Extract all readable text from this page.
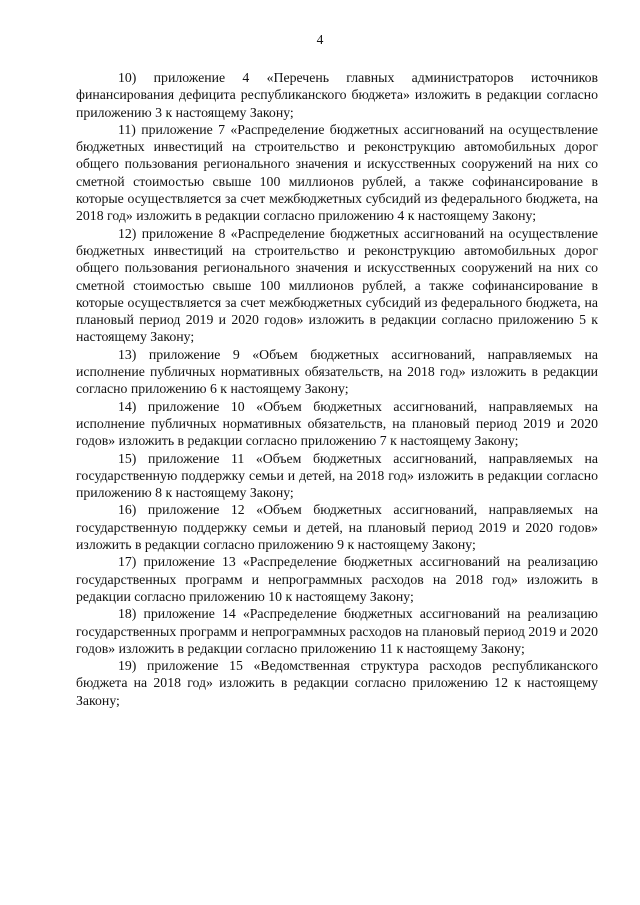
4

10) приложение 4 «Перечень главных администраторов источников финансирования дефицита республиканского бюджета» изложить в редакции согласно приложению 3 к настоящему Закону;

11) приложение 7 «Распределение бюджетных ассигнований на осуществление бюджетных инвестиций на строительство и реконструкцию автомобильных дорог общего пользования регионального значения и искусственных сооружений на них со сметной стоимостью свыше 100 миллионов рублей, а также софинансирование в которые осуществляется за счет межбюджетных субсидий из федерального бюджета, на 2018 год» изложить в редакции согласно приложению 4 к настоящему Закону;

12) приложение 8 «Распределение бюджетных ассигнований на осуществление бюджетных инвестиций на строительство и реконструкцию автомобильных дорог общего пользования регионального значения и искусственных сооружений на них со сметной стоимостью свыше 100 миллионов рублей, а также софинансирование в которые осуществляется за счет межбюджетных субсидий из федерального бюджета, на плановый период 2019 и 2020 годов» изложить в редакции согласно приложению 5 к настоящему Закону;

13) приложение 9 «Объем бюджетных ассигнований, направляемых на исполнение публичных нормативных обязательств, на 2018 год» изложить в редакции согласно приложению 6 к настоящему Закону;

14) приложение 10 «Объем бюджетных ассигнований, направляемых на исполнение публичных нормативных обязательств, на плановый период 2019 и 2020 годов» изложить в редакции согласно приложению 7 к настоящему Закону;

15) приложение 11 «Объем бюджетных ассигнований, направляемых на государственную поддержку семьи и детей, на 2018 год» изложить в редакции согласно приложению 8 к настоящему Закону;

16) приложение 12 «Объем бюджетных ассигнований, направляемых на государственную поддержку семьи и детей, на плановый период 2019 и 2020 годов» изложить в редакции согласно приложению 9 к настоящему Закону;

17) приложение 13 «Распределение бюджетных ассигнований на реализацию государственных программ и непрограммных расходов на 2018 год» изложить в редакции согласно приложению 10 к настоящему Закону;

18) приложение 14 «Распределение бюджетных ассигнований на реализацию государственных программ и непрограммных расходов на плановый период 2019 и 2020 годов» изложить в редакции согласно приложению 11 к настоящему Закону;

19) приложение 15 «Ведомственная структура расходов республиканского бюджета на 2018 год» изложить в редакции согласно приложению 12 к настоящему Закону;
